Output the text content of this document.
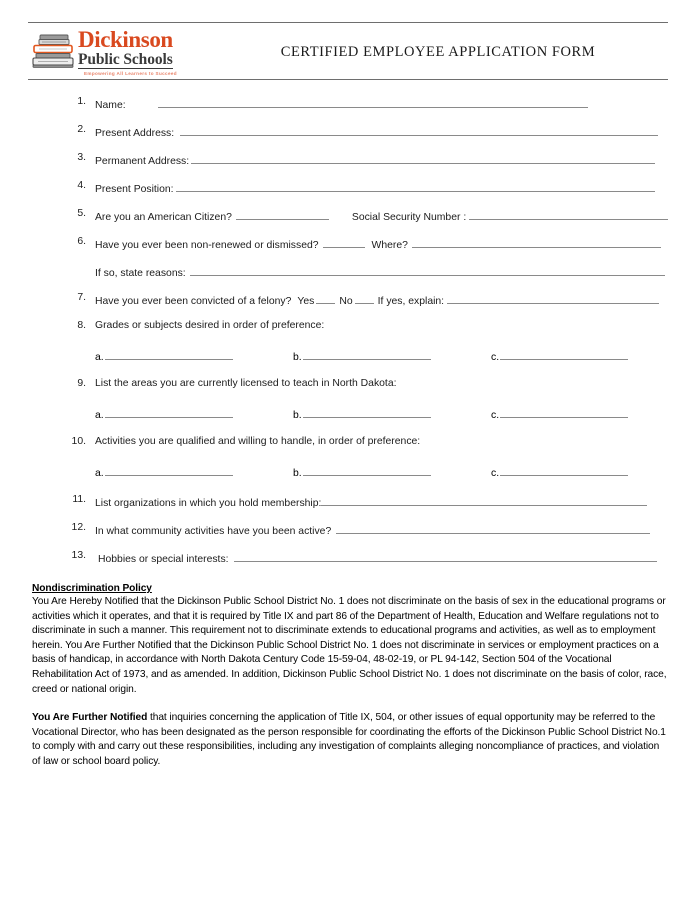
Dickinson
Public Schools
Empowering All Learners to Succeed
CERTIFIED EMPLOYEE APPLICATION FORM
1. Name:
2. Present Address:
3. Permanent Address:
4. Present Position:
5. Are you an American Citizen?	Social Security Number :
6. Have you ever been non-renewed or dismissed?	Where?
If so, state reasons:
7. Have you ever been convicted of a felony? Yes No If yes, explain:
8. Grades or subjects desired in order of preference:
a.	b.	c.
9. List the areas you are currently licensed to teach in North Dakota:
a.	b.	c.
10. Activities you are qualified and willing to handle, in order of preference:
a.	b.	c.
11. List organizations in which you hold membership:
12. In what community activities have you been active?
13. Hobbies or special interests:
Nondiscrimination Policy

You Are Hereby Notified that the Dickinson Public School District No. 1 does not discriminate on the basis of sex in the educational programs or activities which it operates, and that it is required by Title IX and part 86 of the Department of Health, Education and Welfare regulations not to discriminate in such a manner. This requirement not to discriminate extends to educational programs and activities, as well as to employment herein. You Are Further Notified that the Dickinson Public School District No. 1 does not discriminate in services or employment practices on a basis of handicap, in accordance with North Dakota Century Code 15-59-04, 48-02-19, or PL 94-142, Section 504 of the Vocational Rehabilitation Act of 1973, and as amended. In addition, Dickinson Public School District No. 1 does not discriminate on the basis of color, race, creed or national origin.

You Are Further Notified that inquiries concerning the application of Title IX, 504, or other issues of equal opportunity may be referred to the Vocational Director, who has been designated as the person responsible for coordinating the efforts of the Dickinson Public School District No.1 to comply with and carry out these responsibilities, including any investigation of complaints alleging noncompliance of practices, and violation of law or school board policy.
